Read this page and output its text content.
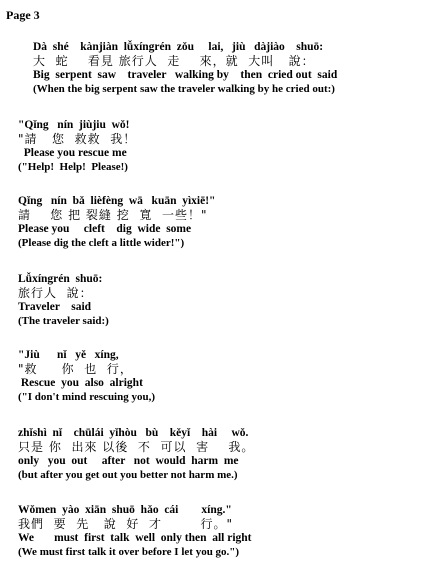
Page 3
Dà  shé    kànjiàn  lǚxíngrén  zǒu     lai,   jiù   dàjiào    shuō:
大  蛇    看見 旅行人  走    來，就  大叫   說：
Big  serpent  saw    traveler   walking by    then  cried out  said
(When the big serpent saw the traveler walking by he cried out:)
"Qǐng   nín  jiùjiu  wǒ!
"請   您  救救  我！
Please you rescue me
("Help!  Help!  Please!)
Qǐng   nín  bǎ  lièfèng  wā   kuān  yìxiē!"
請    您 把 裂縫 挖  寬  一些！"
Please you     cleft    dig  wide  some
(Please dig the cleft a little wider!")
Lǚxíngrén  shuō:
旅行人  說：
Traveler    said
(The traveler said:)
"Jiù      nǐ   yě   xíng,
"救     你  也  行，
Rescue  you  also  alright
("I don't mind rescuing you,)
zhǐshì  nǐ    chūlái  yǐhòu   bù    kěyǐ    hài     wǒ.
只是 你  出來 以後  不  可以  害    我。
only   you  out     after   not  would  harm  me
(but after you get out you better not harm me.)
Wǒmen  yào  xiān  shuō  hǎo  cái        xíng."
我們  要  先   說  好  才        行。"
We       must  first  talk  well  only then  all right
(We must first talk it over before I let you go.")
